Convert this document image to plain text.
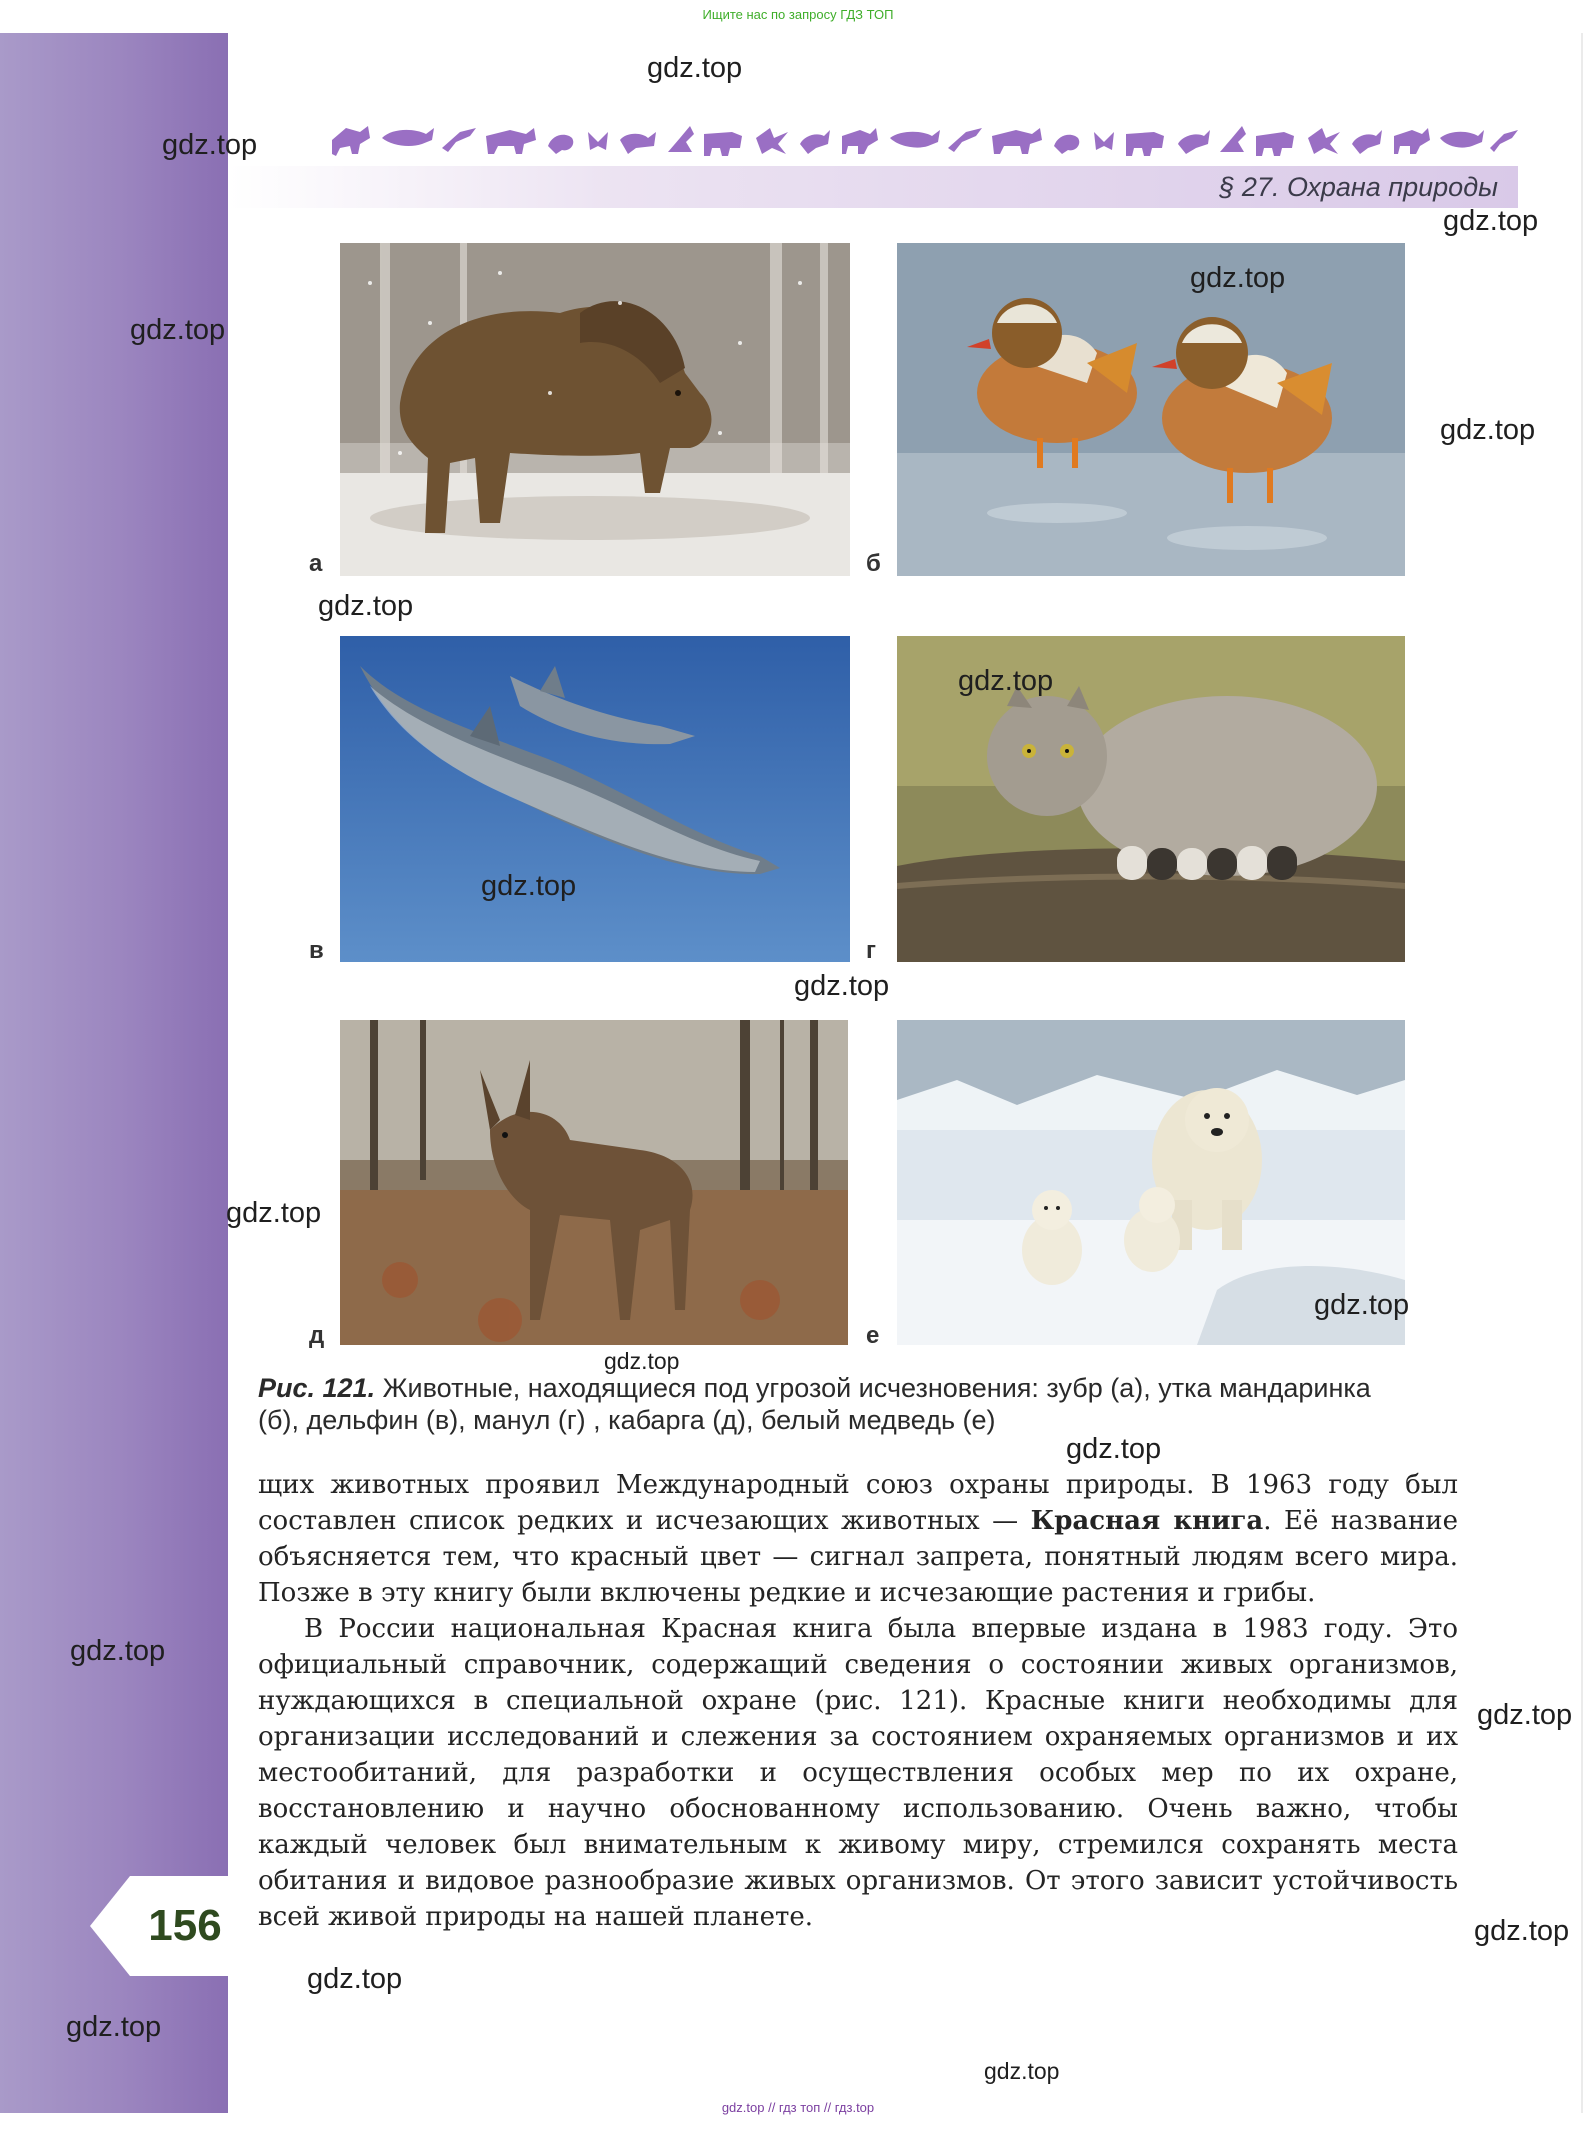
Ищите нас по запросу ГДЗ ТОП
§ 27. Охрана природы
а	б
в	г
д	е
Рис. 121. Животные, находящиеся под угрозой исчезновения: зубр (а), утка мандаринка (б), дельфин (в), манул (г) , кабарга (д), белый медведь (е)

щих животных проявил Международный союз охраны природы. В 1963 году был составлен список редких и исчезающих животных — Красная книга. Её название объясняется тем, что красный цвет — сигнал запрета, понятный людям всего мира. Позже в эту книгу были включены редкие и исчезающие растения и грибы.

В России национальная Красная книга была впервые издана в 1983 году. Это официальный справочник, содержащий сведения о состоянии живых организмов, нуждающихся в специальной охране (рис. 121). Красные книги необходимы для организации исследований и слежения за состоянием охраняемых организмов и их местообитаний, для разработки и осуществления особых мер по их охране, восстановлению и научно обоснованному использованию. Очень важно, чтобы каждый человек был внимательным к живому миру, стремился сохранять места обитания и видовое разнообразие живых организмов. От этого зависит устойчивость всей живой природы на нашей планете.

156
gdz.top
gdz.top
gdz.top
gdz.top
gdz.top
gdz.top
gdz.top
gdz.top
gdz.top
gdz.top
gdz.top
gdz.top
gdz.top
gdz.top
gdz.top
gdz.top
gdz.top
gdz.top
gdz.top
gdz.top
gdz.top // гдз топ // гдз.top
